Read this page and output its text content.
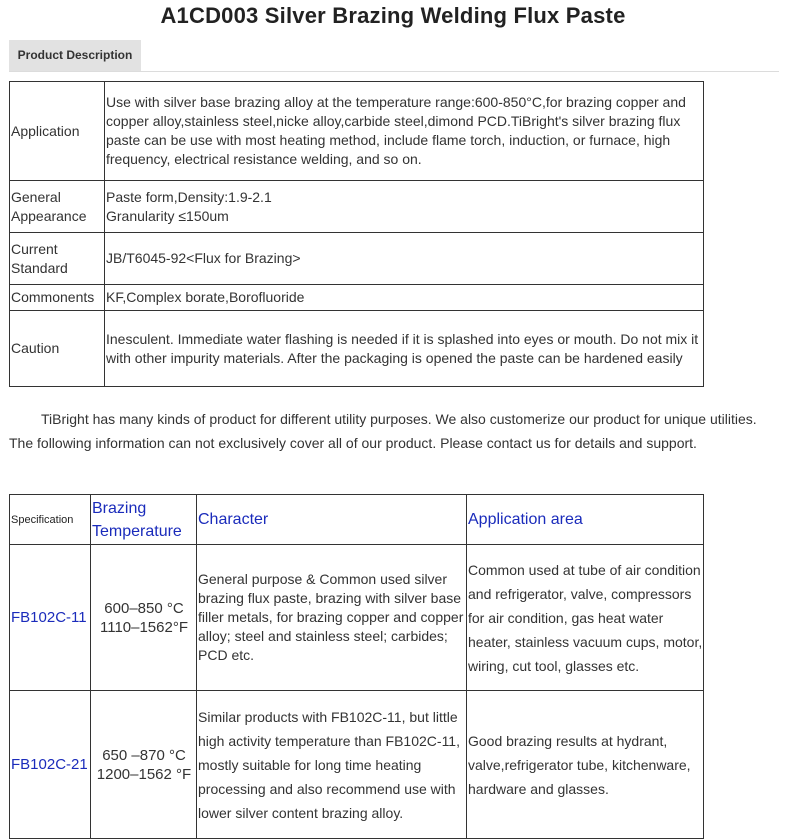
A1CD003 Silver Brazing Welding Flux Paste
Product Description
Application	Use with silver base brazing alloy at the temperature range:600-850°C,for brazing copper and copper alloy,stainless steel,nicke alloy,carbide steel,dimond PCD.TiBright's silver brazing flux paste can be use with most heating method, include flame torch, induction, or furnace, high frequency, electrical resistance welding, and so on.
General Appearance	Paste form,Density:1.9-2.1
Granularity ≤150um

Current Standard	JB/T6045-92<Flux for Brazing>
Commonents	KF,Complex borate,Borofluoride
Caution	Inesculent. Immediate water flashing is needed if it is splashed into eyes or mouth. Do not mix it with other impurity materials. After the packaging is opened the paste can be hardened easily

TiBright has many kinds of product for different utility purposes. We also customerize our product for unique utilities. The following information can not exclusively cover all of our product. Please contact us for details and support.

Specification	Brazing Temperature	Character	Application area
FB102C-11	600–850 °C
1110–1562°F	General purpose & Common used silver brazing flux paste, brazing with silver base filler metals, for brazing copper and copper alloy; steel and stainless steel; carbides; PCD etc.	Common used at tube of air condition and refrigerator, valve, compressors for air condition, gas heat water heater, stainless vacuum cups, motor, wiring, cut tool, glasses etc.
FB102C-21	650 –870 °C
1200–1562 °F	Similar products with FB102C-11, but little high activity temperature than FB102C-11, mostly suitable for long time heating processing and also recommend use with lower silver content brazing alloy.	Good brazing results at hydrant, valve,refrigerator tube, kitchenware, hardware and glasses.
